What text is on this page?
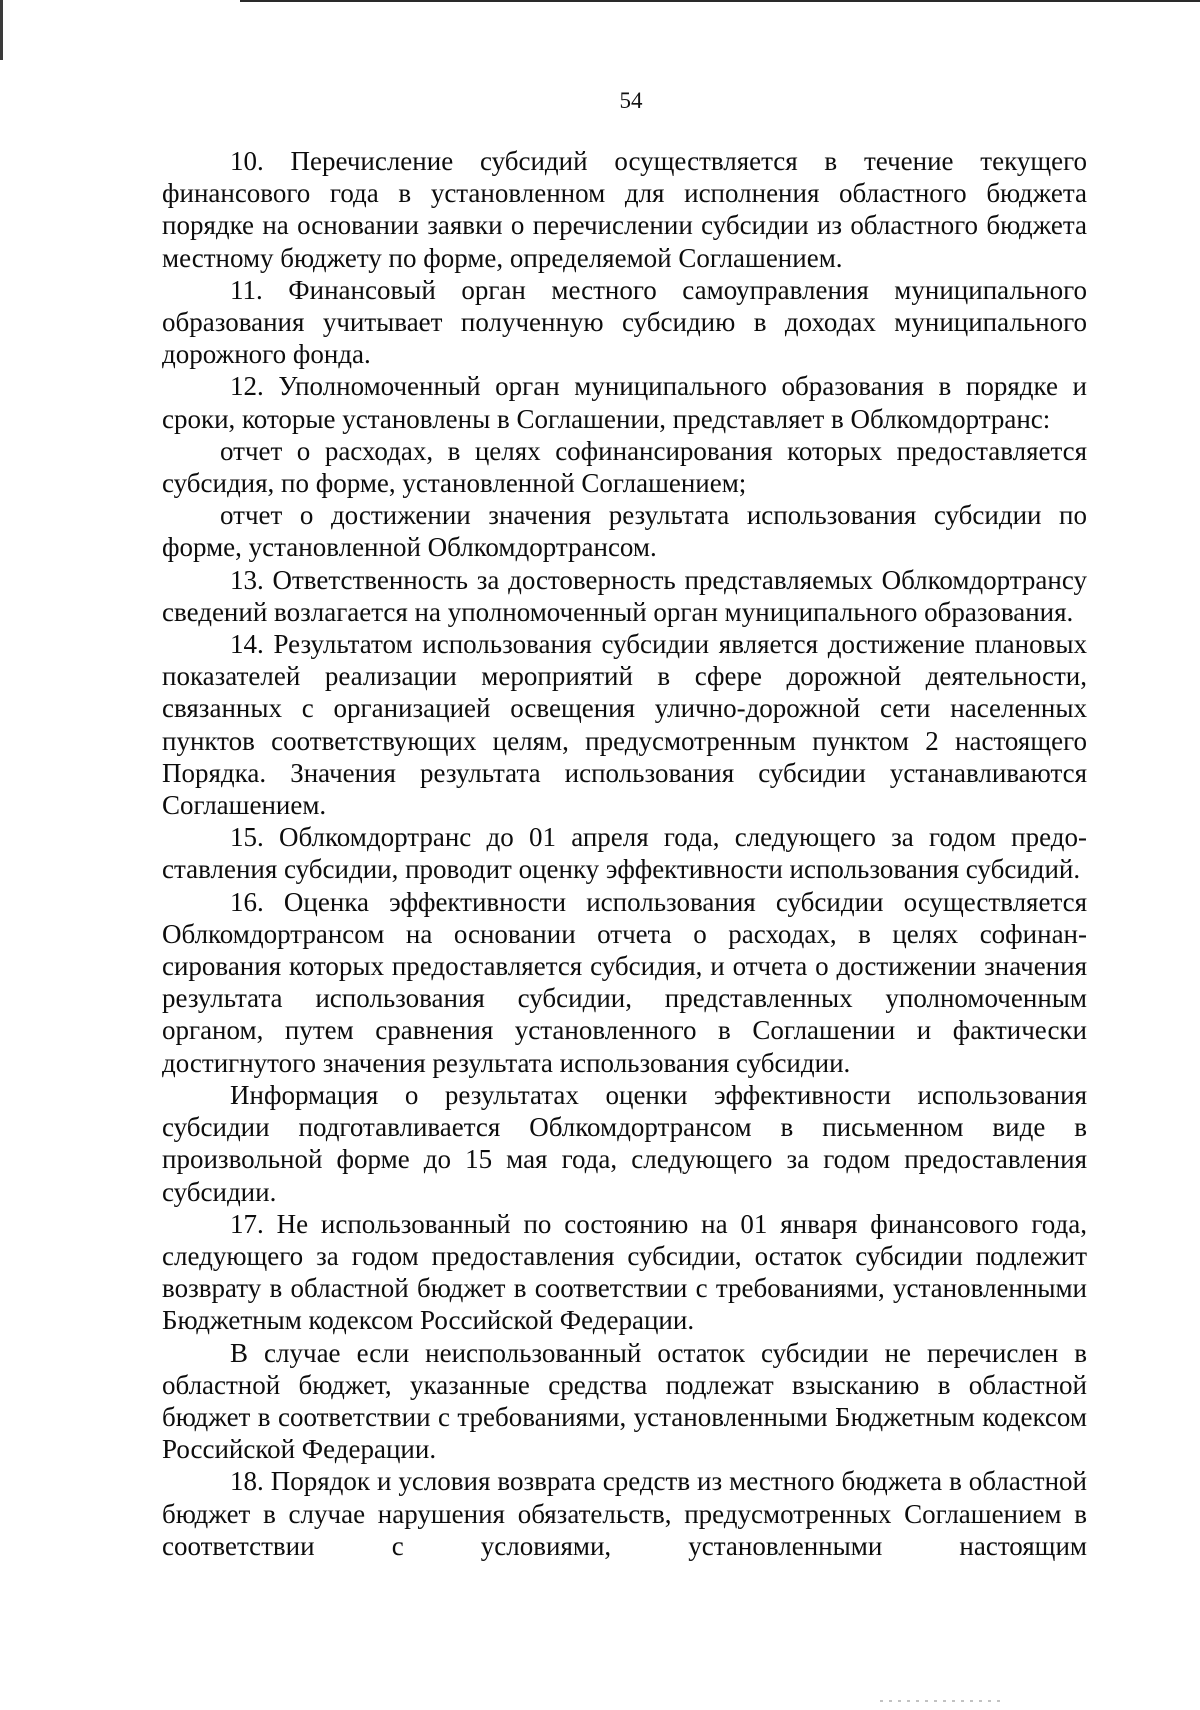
54

10. Перечисление субсидий осуществляется в течение текущего финансового года в установленном для исполнения областного бюджета порядке на основании заявки о перечислении субсидии из областного бюджета местному бюджету по форме, определяемой Соглашением.

11. Финансовый орган местного самоуправления муниципального образования учитывает полученную субсидию в доходах муниципального дорожного фонда.

12. Уполномоченный орган муниципального образования в порядке и сроки, которые установлены в Соглашении, представляет в Облкомдортранс:

отчет о расходах, в целях софинансирования которых предоставляется субсидия, по форме, установленной Соглашением;

отчет о достижении значения результата использования субсидии по форме, установленной Облкомдортрансом.

13. Ответственность за достоверность представляемых Облкомдортрансу сведений возлагается на уполномоченный орган муниципального образования.

14. Результатом использования субсидии является достижение плановых показателей реализации мероприятий в сфере дорожной деятельности, связанных с организацией освещения улично-дорожной сети населенных пунктов соответствующих целям, предусмотренным пунктом 2 настоящего Порядка. Значения результата использования субсидии устанавливаются Соглашением.

15. Облкомдортранс до 01 апреля года, следующего за годом предо-ставления субсидии, проводит оценку эффективности использования субсидий.

16. Оценка эффективности использования субсидии осуществляется Облкомдортрансом на основании отчета о расходах, в целях софинан-сирования которых предоставляется субсидия, и отчета о достижении значения результата использования субсидии, представленных уполномоченным органом, путем сравнения установленного в Соглашении и фактически достигнутого значения результата использования субсидии.

Информация о результатах оценки эффективности использования субсидии подготавливается Облкомдортрансом в письменном виде в произвольной форме до 15 мая года, следующего за годом предоставления субсидии.

17. Не использованный по состоянию на 01 января финансового года, следующего за годом предоставления субсидии, остаток субсидии подлежит возврату в областной бюджет в соответствии с требованиями, установленными Бюджетным кодексом Российской Федерации.

В случае если неиспользованный остаток субсидии не перечислен в областной бюджет, указанные средства подлежат взысканию в областной бюджет в соответствии с требованиями, установленными Бюджетным кодексом Российской Федерации.

18. Порядок и условия возврата средств из местного бюджета в областной бюджет в случае нарушения обязательств, предусмотренных Соглашением в соответствии с условиями, установленными настоящим
